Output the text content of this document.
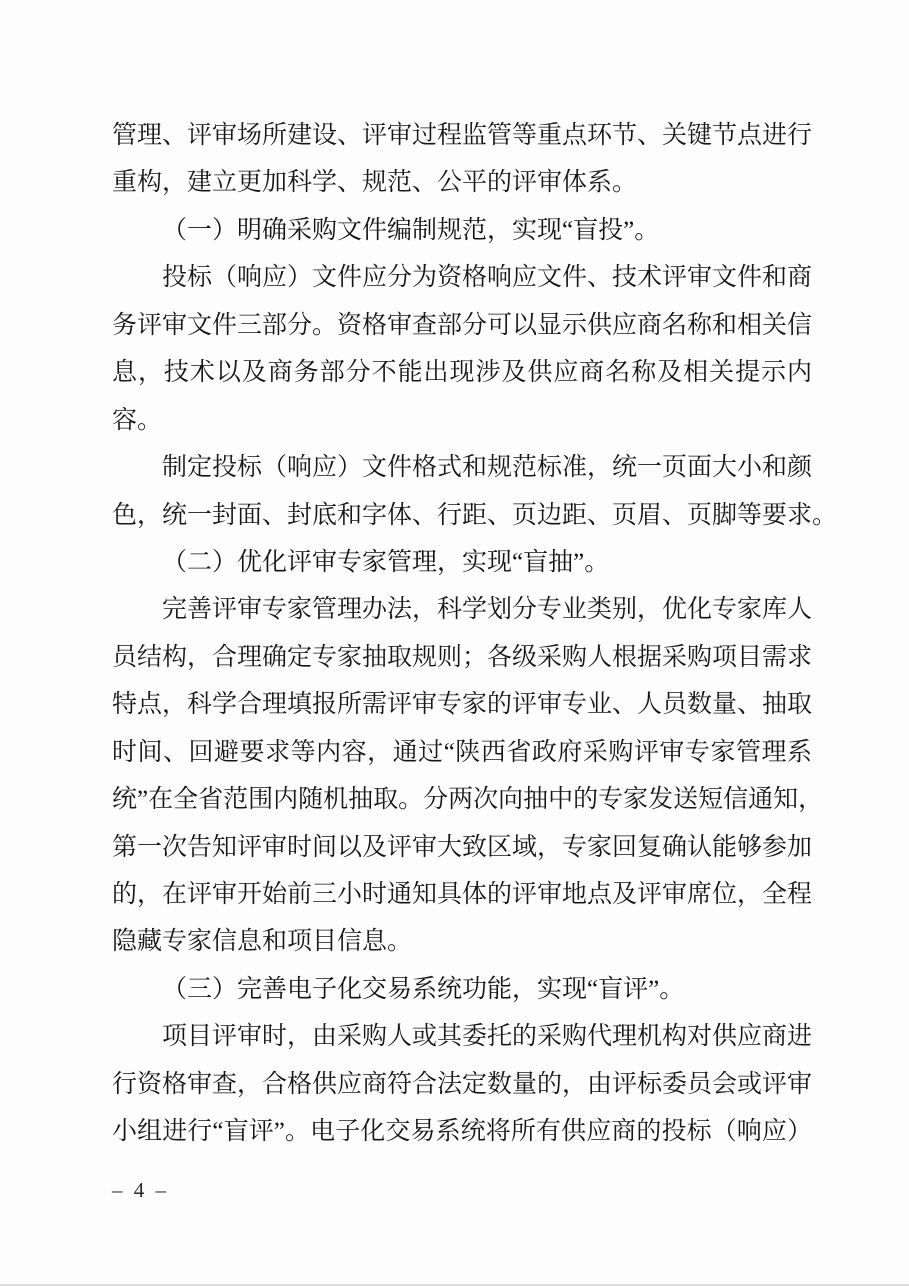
管理、评审场所建设、评审过程监管等重点环节、关键节点进行
重构，建立更加科学、规范、公平的评审体系。
（一）明确采购文件编制规范，实现“盲投”。
投标（响应）文件应分为资格响应文件、技术评审文件和商
务评审文件三部分。资格审查部分可以显示供应商名称和相关信
息，技术以及商务部分不能出现涉及供应商名称及相关提示内
容。
制定投标（响应）文件格式和规范标准，统一页面大小和颜
色，统一封面、封底和字体、行距、页边距、页眉、页脚等要求。
（二）优化评审专家管理，实现“盲抽”。
完善评审专家管理办法，科学划分专业类别，优化专家库人
员结构，合理确定专家抽取规则；各级采购人根据采购项目需求
特点，科学合理填报所需评审专家的评审专业、人员数量、抽取
时间、回避要求等内容，通过“陕西省政府采购评审专家管理系
统”在全省范围内随机抽取。分两次向抽中的专家发送短信通知，
第一次告知评审时间以及评审大致区域，专家回复确认能够参加
的，在评审开始前三小时通知具体的评审地点及评审席位，全程
隐藏专家信息和项目信息。
（三）完善电子化交易系统功能，实现“盲评”。
项目评审时，由采购人或其委托的采购代理机构对供应商进
行资格审查，合格供应商符合法定数量的，由评标委员会或评审
小组进行“盲评”。电子化交易系统将所有供应商的投标（响应）
– 4 –
